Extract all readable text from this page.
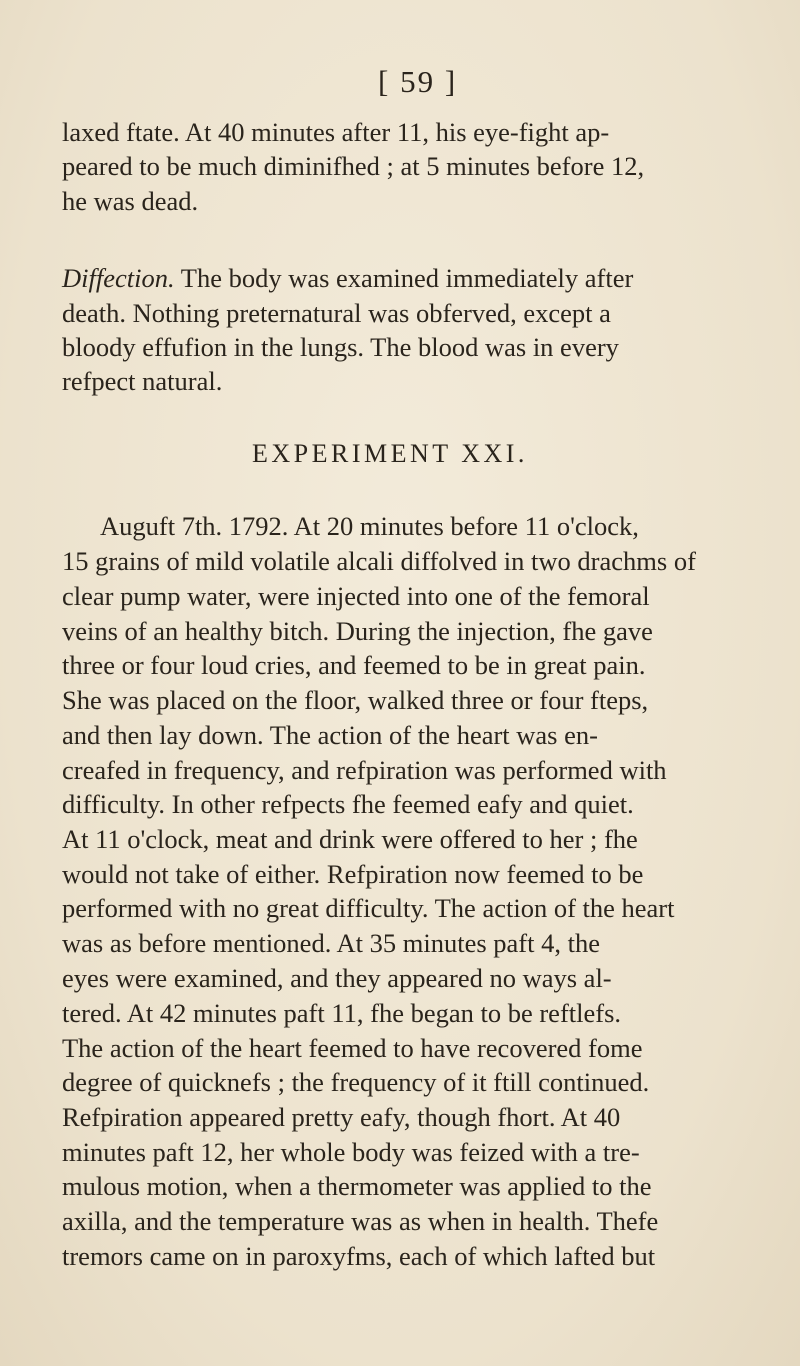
[ 59 ]

laxed ftate. At 40 minutes after 11, his eye-fight ap-

peared to be much diminifhed ; at 5 minutes before 12,

he was dead.

Diffection. The body was examined immediately after

death. Nothing preternatural was obferved, except a

bloody effufion in the lungs. The blood was in every

refpect natural.

EXPERIMENT XXI.

Auguft 7th. 1792. At 20 minutes before 11 o'clock,

15 grains of mild volatile alcali diffolved in two drachms of

clear pump water, were injected into one of the femoral

veins of an healthy bitch. During the injection, fhe gave

three or four loud cries, and feemed to be in great pain.

She was placed on the floor, walked three or four fteps,

and then lay down. The action of the heart was en-

creafed in frequency, and refpiration was performed with

difficulty. In other refpects fhe feemed eafy and quiet.

At 11 o'clock, meat and drink were offered to her ; fhe

would not take of either. Refpiration now feemed to be

performed with no great difficulty. The action of the heart

was as before mentioned. At 35 minutes paft 4, the

eyes were examined, and they appeared no ways al-

tered. At 42 minutes paft 11, fhe began to be reftlefs.

The action of the heart feemed to have recovered fome

degree of quicknefs ; the frequency of it ftill continued.

Refpiration appeared pretty eafy, though fhort. At 40

minutes paft 12, her whole body was feized with a tre-

mulous motion, when a thermometer was applied to the

axilla, and the temperature was as when in health. Thefe

tremors came on in paroxyfms, each of which lafted but
